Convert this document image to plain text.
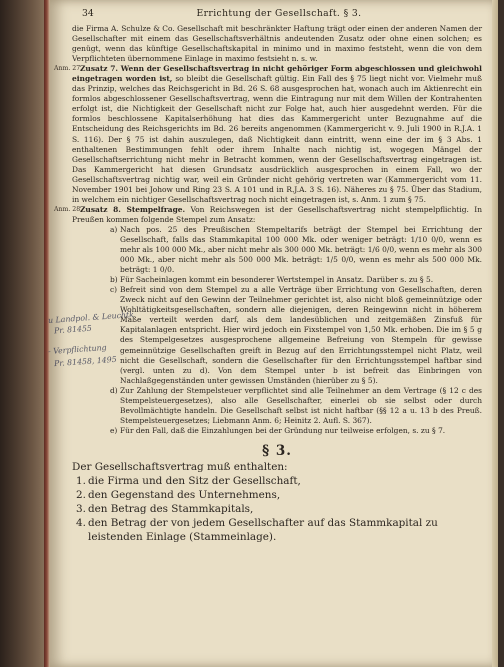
34	Errichtung der Gesellschaft. § 3.

die Firma A. Schulze & Co. Gesellschaft mit beschränkter Haftung trägt oder einen der anderen Namen der Gesellschafter mit einem das Gesellschaftsverhältnis andeutenden Zusatz oder ohne einen solchen; es genügt, wenn das künftige Gesellschaftskapital in minimo und in maximo feststeht, wenn die von dem Verpflichteten übernommene Einlage in maximo festsieht n. s. w.

Anm. 27.

Zusatz 7. Wenn der Gesellschaftsvertrag in nicht gehöriger Form abgeschlossen und gleichwohl eingetragen worden ist, so bleibt die Gesellschaft gültig. Ein Fall des § 75 liegt nicht vor. Vielmehr muß das Prinzip, welches das Reichsgericht in Bd. 26 S. 68 ausgesprochen hat, wonach auch im Aktienrecht ein formlos abgeschlossener Gesellschaftsvertrag, wenn die Eintragung nur mit dem Willen der Kontrahenten erfolgt ist, die Nichtigkeit der Gesellschaft nicht zur Folge hat, auch hier ausgedehnt werden. Für die formlos beschlossene Kapitalserhöhung hat dies das Kammergericht unter Bezugnahme auf die Entscheidung des Reichsgerichts im Bd. 26 bereits angenommen (Kammergericht v. 9. Juli 1900 in R.J.A. 1 S. 116). Der § 75 ist dahin auszulegen, daß Nichtigkeit dann eintritt, wenn eine der im § 3 Abs. 1 enthaltenen Bestimmungen fehlt oder ihrem Inhalte nach nichtig ist, wogegen Mängel der Gesellschaftserrichtung nicht mehr in Betracht kommen, wenn der Gesellschaftsvertrag eingetragen ist. Das Kammergericht hat diesen Grundsatz ausdrücklich ausgesprochen in einem Fall, wo der Gesellschaftsvertrag nichtig war, weil ein Gründer nicht gehörig vertreten war (Kammergericht vom 11. November 1901 bei Johow und Ring 23 S. A 101 und in R.J.A. 3 S. 16). Näheres zu § 75. Über das Stadium, in welchem ein nichtiger Gesellschaftsvertrag noch nicht eingetragen ist, s. Anm. 1 zum § 75.

Anm. 28.

Zusatz 8. Stempelfrage. Von Reichswegen ist der Gesellschaftsvertrag nicht stempelpflichtig. In Preußen kommen folgende Stempel zum Ansatz:

a) Nach pos. 25 des Preußischen Stempeltarifs beträgt der Stempel bei Errichtung der Gesellschaft, falls das Stammkapital 100 000 Mk. oder weniger beträgt: 1/10 0/0, wenn es mehr als 100 000 Mk., aber nicht mehr als 300 000 Mk. beträgt: 1/6 0/0, wenn es mehr als 300 000 Mk., aber nicht mehr als 500 000 Mk. beträgt: 1/5 0/0, wenn es mehr als 500 000 Mk. beträgt: 1 0/0.
b) Für Sacheinlagen kommt ein besonderer Wertstempel in Ansatz. Darüber s. zu § 5.
c) Befreit sind von dem Stempel zu a alle Verträge über Errichtung von Gesellschaften, deren Zweck nicht auf den Gewinn der Teilnehmer gerichtet ist, also nicht bloß gemeinnützige oder Wohltätigkeitsgesellschaften, sondern alle diejenigen, deren Reingewinn nicht in höherem Maße verteilt werden darf, als dem landesüblichen und zeitgemäßen Zinsfuß für Kapitalanlagen entspricht. Hier wird jedoch ein Fixstempel von 1,50 Mk. erhoben. Die im § 5 g des Stempelgesetzes ausgesprochene allgemeine Befreiung von Stempeln für gewisse gemeinnützige Gesellschaften greift in Bezug auf den Errichtungsstempel nicht Platz, weil nicht die Gesellschaft, sondern die Gesellschafter für den Errichtungsstempel haftbar sind (vergl. unten zu d). Von dem Stempel unter b ist befreit das Einbringen von Nachlaßgegenständen unter gewissen Umständen (hierüber zu § 5).
d) Zur Zahlung der Stempelsteuer verpflichtet sind alle Teilnehmer an dem Vertrage (§ 12 c des Stempelsteuergesetzes), also alle Gesellschafter, einerlei ob sie selbst oder durch Bevollmächtigte handeln. Die Gesellschaft selbst ist nicht haftbar (§§ 12 a u. 13 b des Preuß. Stempelsteuergesetzes; Liebmann Anm. 6; Heinitz 2. Aufl. S. 367).
e) Für den Fall, daß die Einzahlungen bei der Gründung nur teilweise erfolgen, s. zu § 7.
§ 3.
Der Gesellschaftsvertrag muß enthalten:
1. die Firma und den Sitz der Gesellschaft,
2. den Gegenstand des Unternehmens,
3. den Betrag des Stammkapitals,
4. den Betrag der von jedem Gesellschafter auf das Stammkapital zu leistenden Einlage (Stammeinlage).
u Landpol. & Leuchtk
Pr. 81455
- Verpflichtung
Pr. 81458, 1495
